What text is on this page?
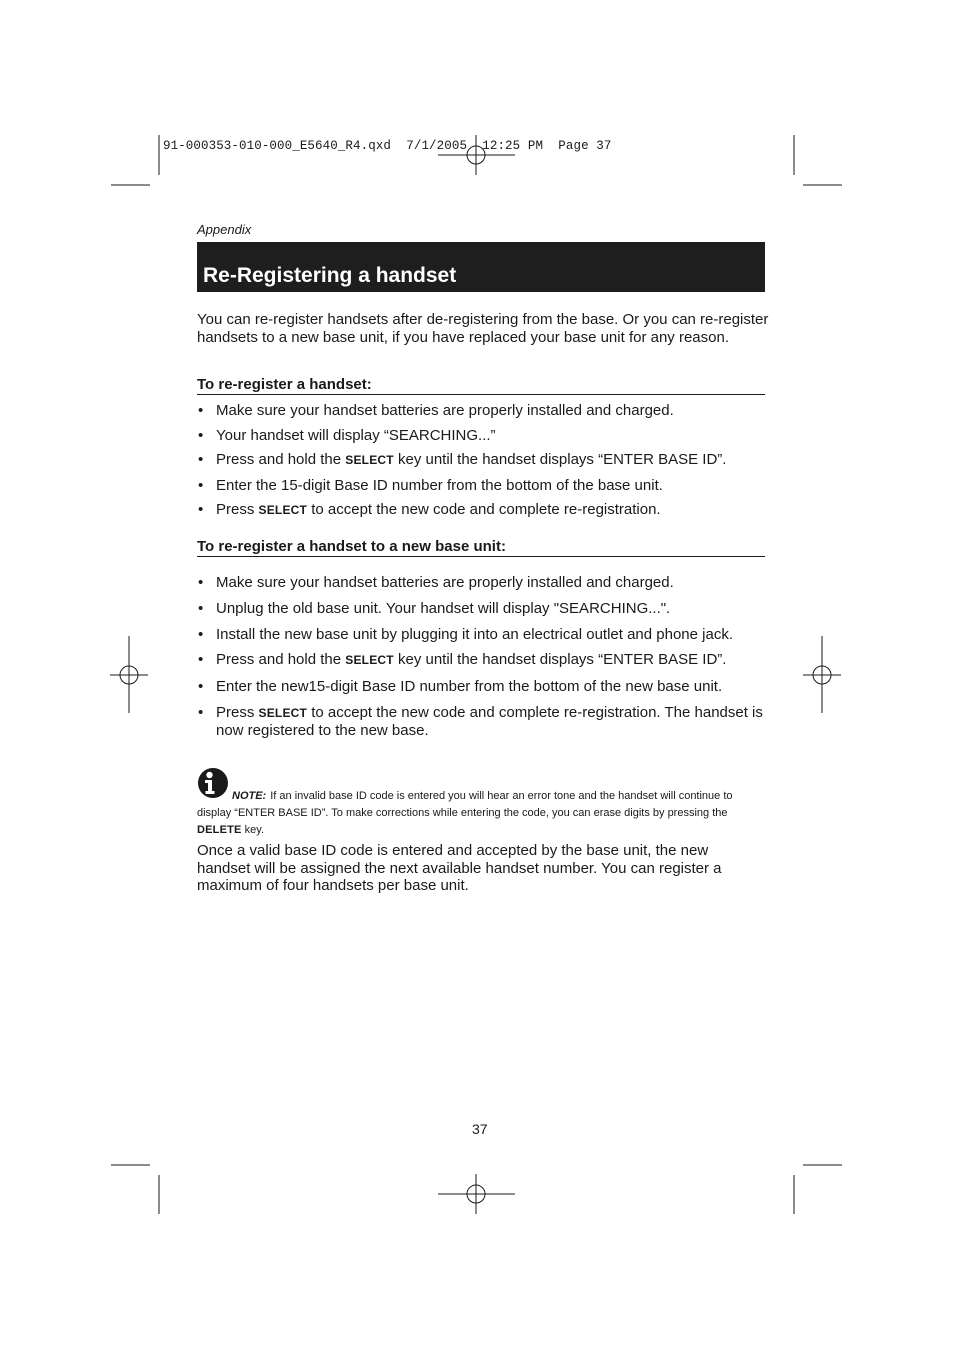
91-000353-010-000_E5640_R4.qxd  7/1/2005  12:25 PM  Page 37
Appendix
Re-Registering a handset
You can re-register handsets after de-registering from the base. Or you can re-register handsets to a new base unit, if you have replaced your base unit for any reason.
To re-register a handset:
• Make sure your handset batteries are properly installed and charged.
• Your handset will display “SEARCHING...”
• Press and hold the SELECT key until the handset displays “ENTER BASE ID”.
• Enter the 15-digit Base ID number from the bottom of the base unit.
• Press SELECT to accept the new code and complete re-registration.
To re-register a handset to a new base unit:
• Make sure your handset batteries are properly installed and charged.
• Unplug the old base unit. Your handset will display "SEARCHING...".
• Install the new base unit by plugging it into an electrical outlet and phone jack.
• Press and hold the SELECT key until the handset displays “ENTER BASE ID”.
• Enter the new15-digit Base ID number from the bottom of the new base unit.
• Press SELECT to accept the new code and complete re-registration. The handset is now registered to the new base.
NOTE: If an invalid base ID code is entered you will hear an error tone and the handset will continue to display “ENTER BASE ID”. To make corrections while entering the code, you can erase digits by pressing the DELETE key.
Once a valid base ID code is entered and accepted by the base unit, the new handset will be assigned the next available handset number. You can register a maximum of four handsets per base unit.
37
